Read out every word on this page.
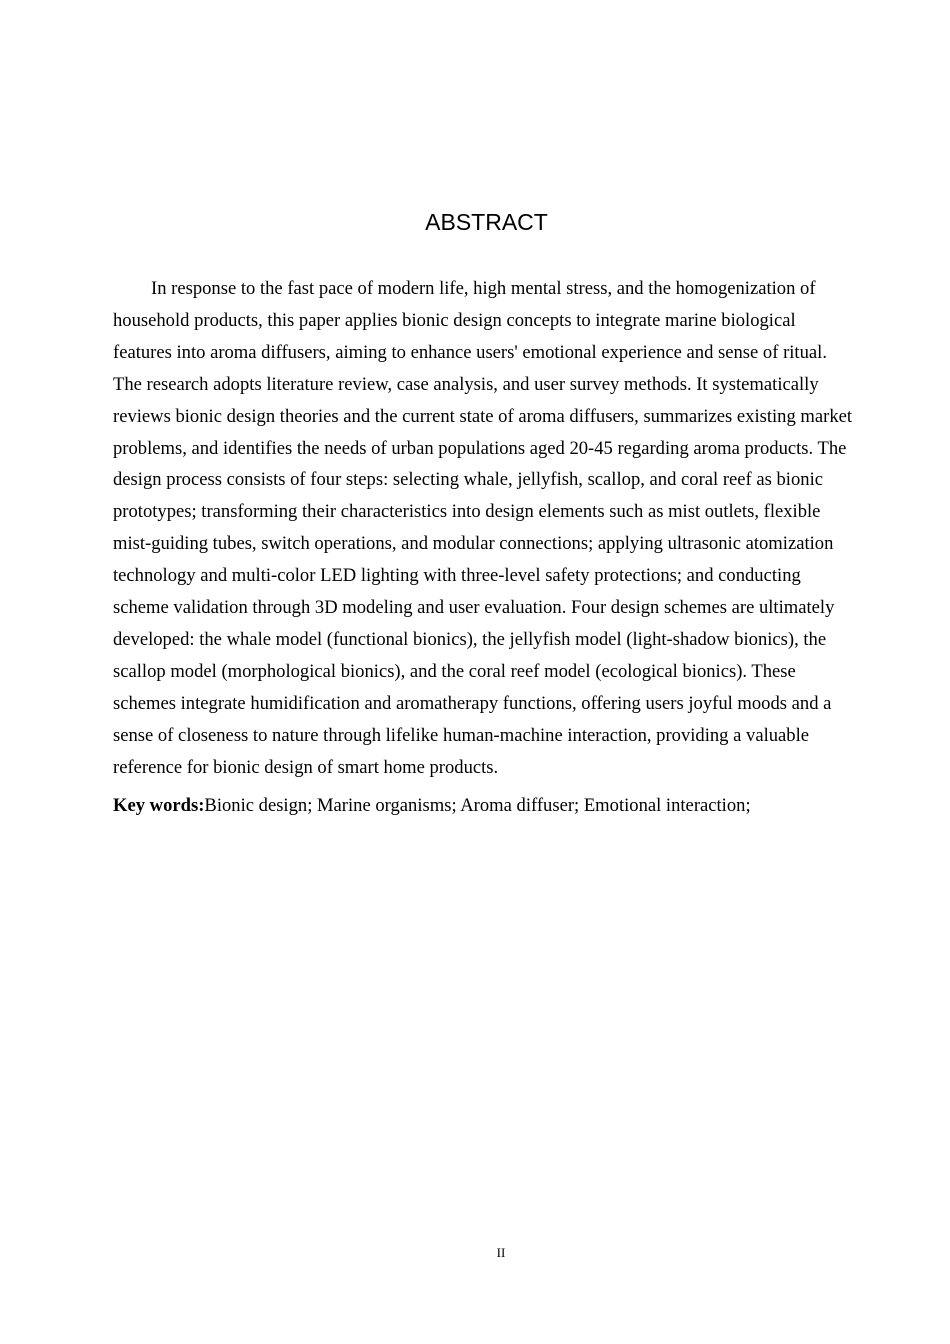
ABSTRACT

In response to the fast pace of modern life, high mental stress, and the homogenization of household products, this paper applies bionic design concepts to integrate marine biological features into aroma diffusers, aiming to enhance users' emotional experience and sense of ritual. The research adopts literature review, case analysis, and user survey methods. It systematically reviews bionic design theories and the current state of aroma diffusers, summarizes existing market problems, and identifies the needs of urban populations aged 20-45 regarding aroma products. The design process consists of four steps: selecting whale, jellyfish, scallop, and coral reef as bionic prototypes; transforming their characteristics into design elements such as mist outlets, flexible mist-guiding tubes, switch operations, and modular connections; applying ultrasonic atomization technology and multi-color LED lighting with three-level safety protections; and conducting scheme validation through 3D modeling and user evaluation. Four design schemes are ultimately developed: the whale model (functional bionics), the jellyfish model (light-shadow bionics), the scallop model (morphological bionics), and the coral reef model (ecological bionics). These schemes integrate humidification and aromatherapy functions, offering users joyful moods and a sense of closeness to nature through lifelike human-machine interaction, providing a valuable reference for bionic design of smart home products.

Key words:Bionic design; Marine organisms; Aroma diffuser; Emotional interaction;

II
